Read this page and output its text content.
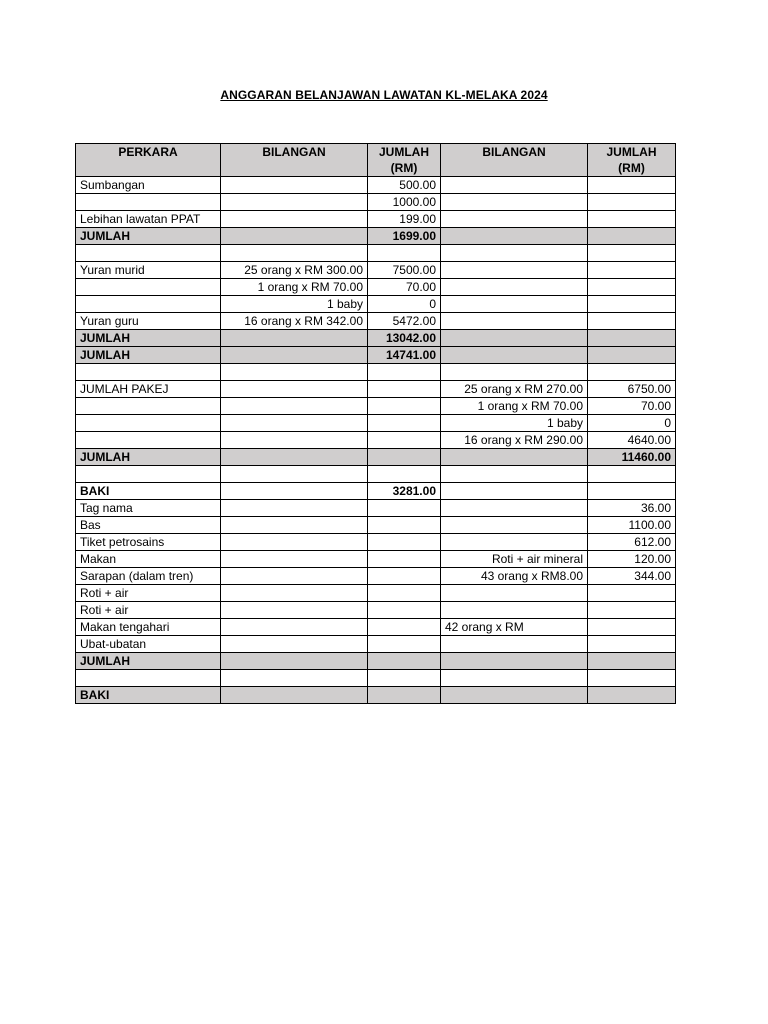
ANGGARAN BELANJAWAN LAWATAN KL-MELAKA 2024
PERKARA	BILANGAN	JUMLAH (RM)	BILANGAN	JUMLAH (RM)
Sumbangan		500.00		
		1000.00		
Lebihan lawatan PPAT		199.00		
JUMLAH		1699.00		

Yuran murid	25 orang x RM 300.00	7500.00		
	1 orang x RM 70.00	70.00		
	1 baby	0		
Yuran guru	16 orang x RM 342.00	5472.00		
JUMLAH		13042.00		
JUMLAH		14741.00		

JUMLAH PAKEJ			25 orang x RM 270.00	6750.00
			1 orang x RM 70.00	70.00
			1 baby	0
			16 orang x RM 290.00	4640.00
JUMLAH				11460.00

BAKI		3281.00		
Tag nama				36.00
Bas				1100.00
Tiket petrosains				612.00
Makan			Roti + air mineral	120.00
Sarapan (dalam tren)			43 orang x RM8.00	344.00
Roti + air				
Roti + air				
Makan tengahari			42 orang x RM	
Ubat-ubatan				
JUMLAH				

BAKI				
